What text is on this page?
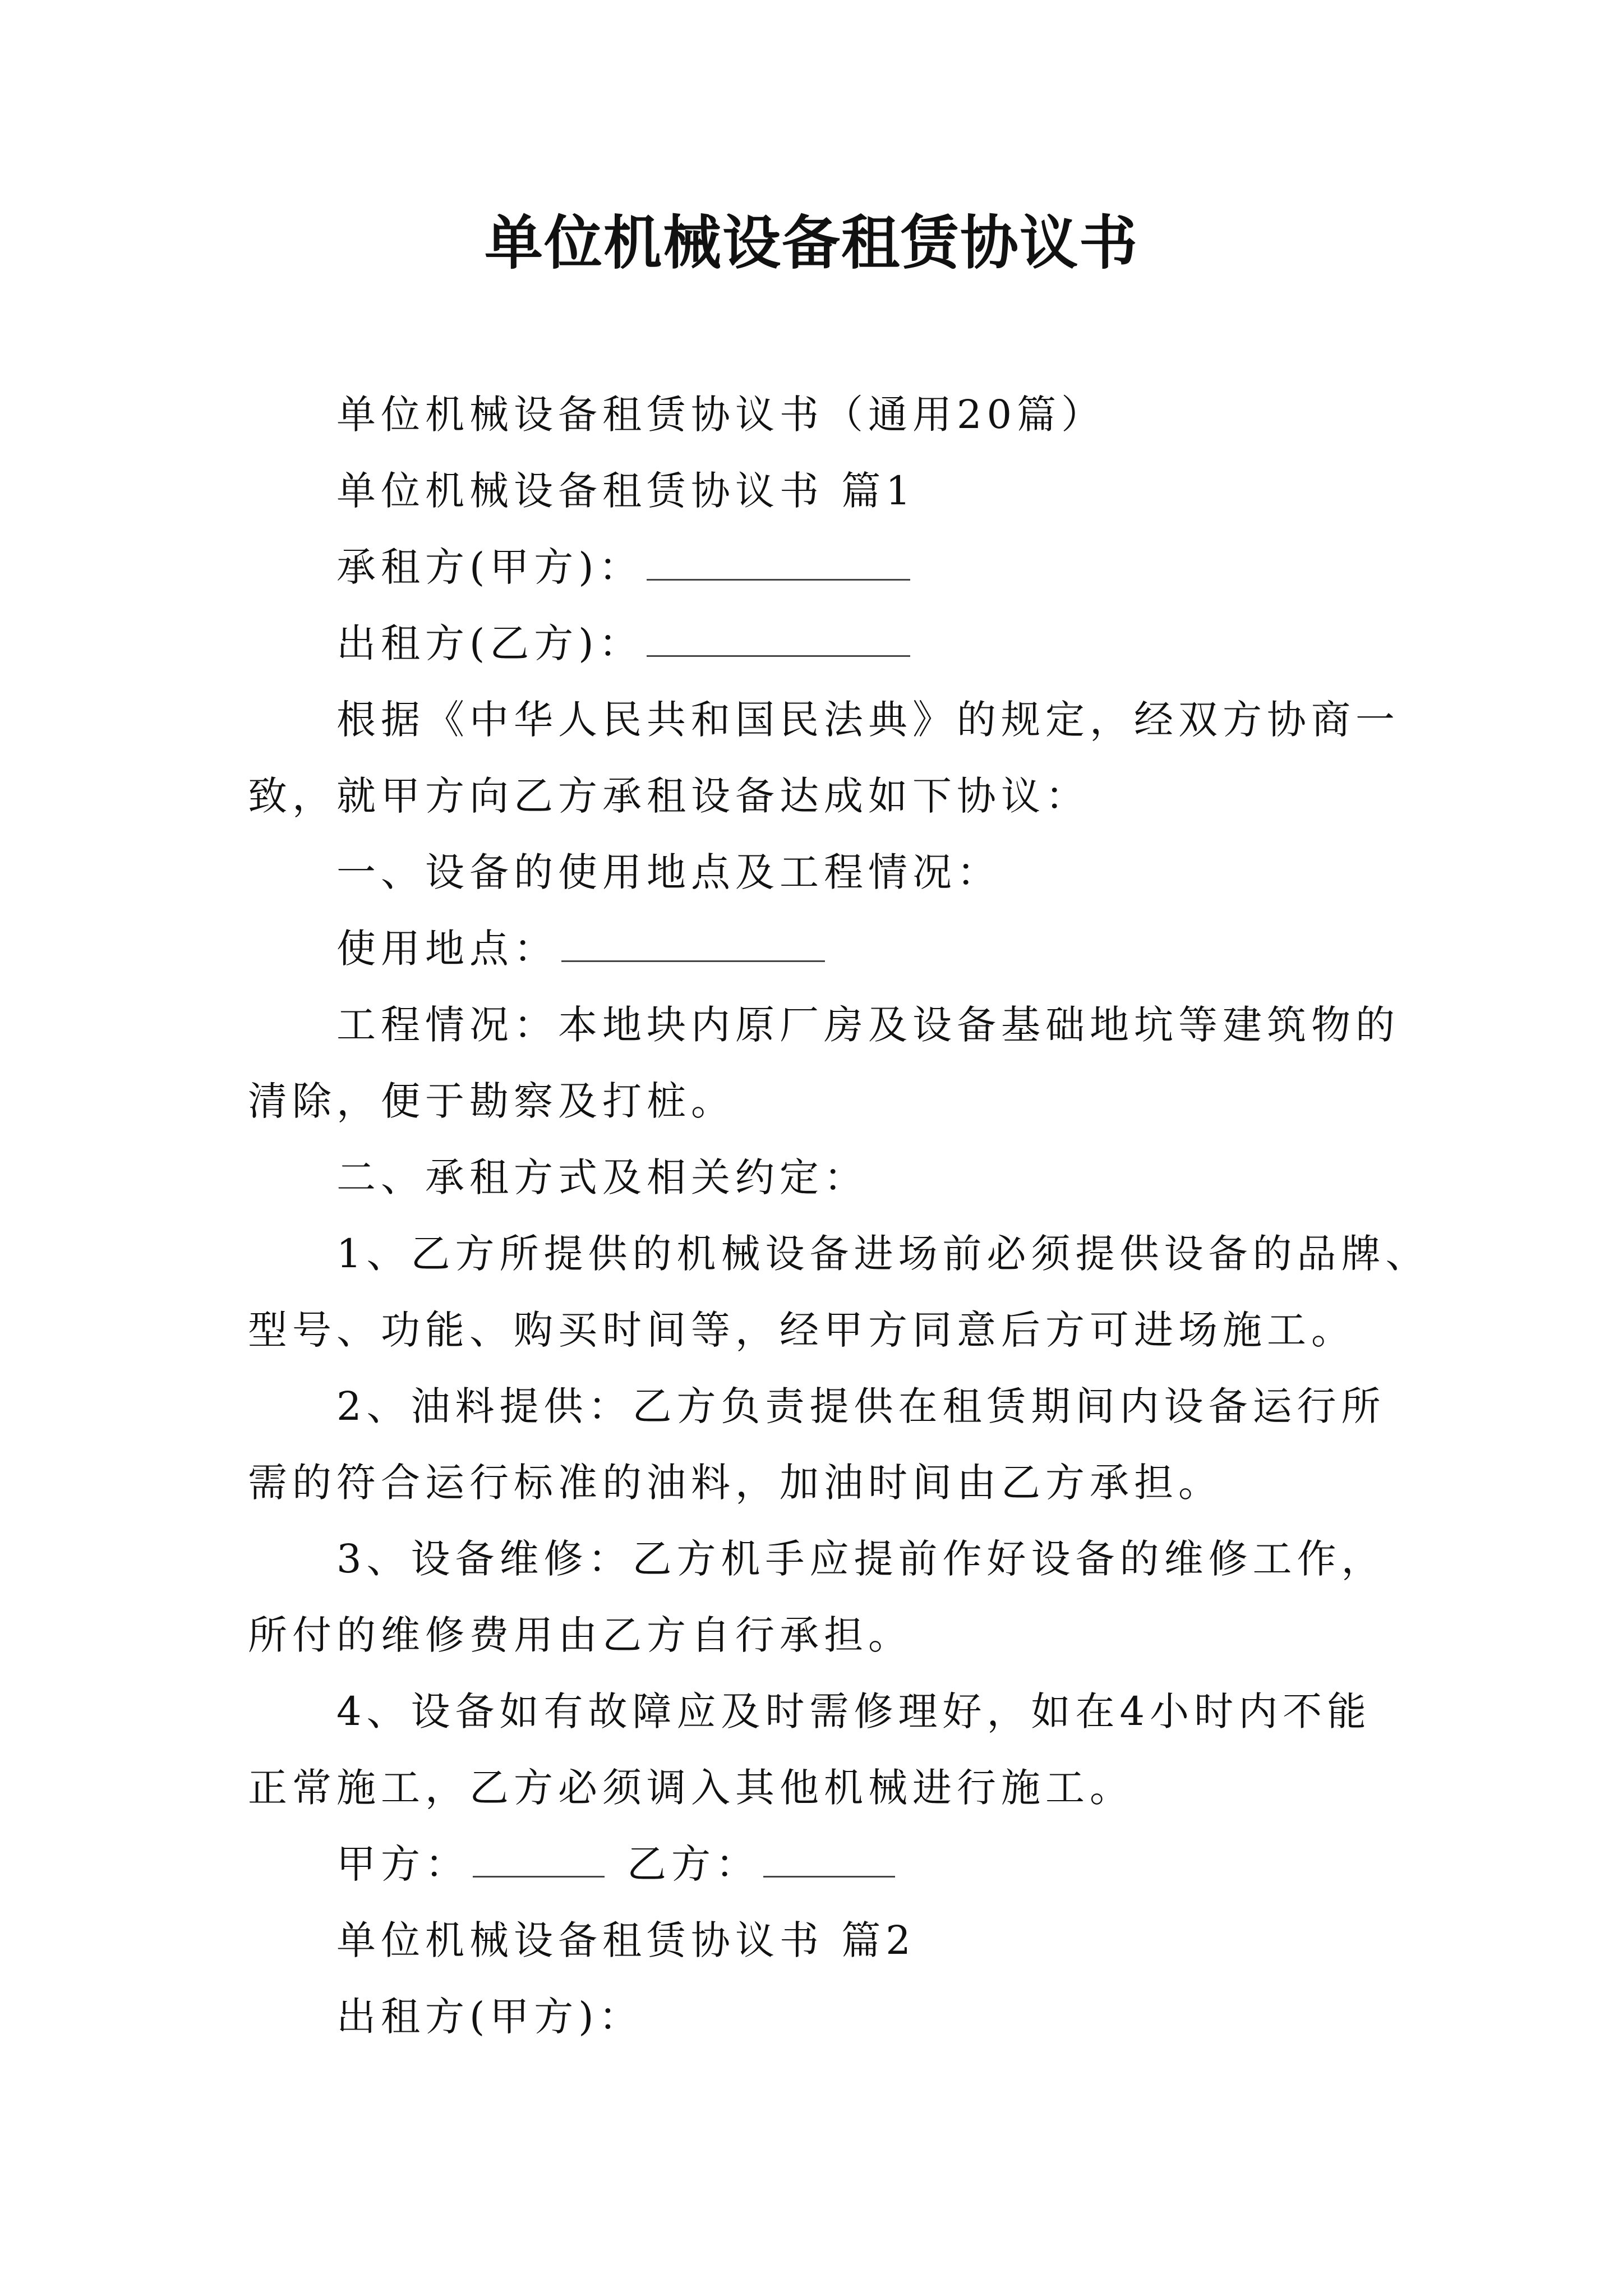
单位机械设备租赁协议书
单位机械设备租赁协议书（通用20篇）
单位机械设备租赁协议书 篇1
承租方(甲方)：
出租方(乙方)：
根据《中华人民共和国民法典》的规定，经双方协商一
致，就甲方向乙方承租设备达成如下协议：
一、设备的使用地点及工程情况：
使用地点：
工程情况：本地块内原厂房及设备基础地坑等建筑物的
清除，便于勘察及打桩。
二、承租方式及相关约定：
1、乙方所提供的机械设备进场前必须提供设备的品牌、
型号、功能、购买时间等，经甲方同意后方可进场施工。
2、油料提供：乙方负责提供在租赁期间内设备运行所
需的符合运行标准的油料，加油时间由乙方承担。
3、设备维修：乙方机手应提前作好设备的维修工作，
所付的维修费用由乙方自行承担。
4、设备如有故障应及时需修理好，如在4小时内不能
正常施工，乙方必须调入其他机械进行施工。
甲方：	乙方：
单位机械设备租赁协议书 篇2
出租方(甲方)：
